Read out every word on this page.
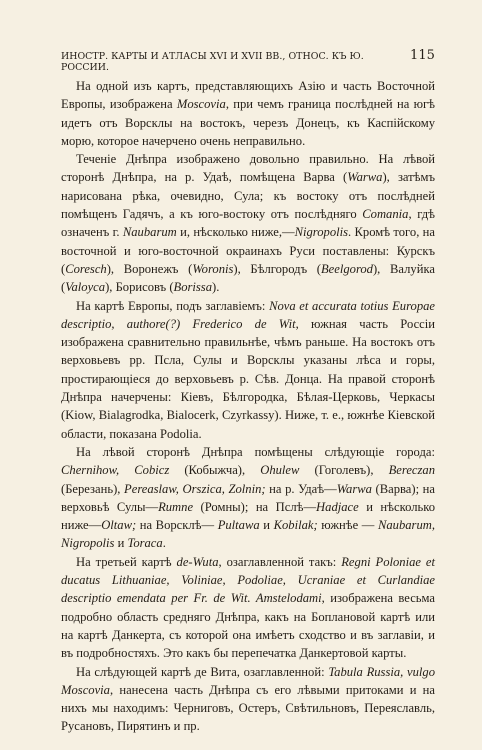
ИНОСТР. КАРТЫ И АТЛАСЫ XVI И XVII ВВ., ОТНОС. КЪ Ю. РОССИИ.
115

На одной изъ картъ, представляющихъ Азію и часть Восточной Европы, изображена Moscovia, при чемъ граница послѣдней на югѣ идетъ отъ Ворсклы на востокъ, черезъ Донецъ, къ Каспійскому морю, которое начерчено очень неправильно.

Теченіе Днѣпра изображено довольно правильно. На лѣвой сторонѣ Днѣпра, на р. Удаѣ, помѣщена Варва (Warwa), затѣмъ нарисована рѣка, очевидно, Сула; къ востоку отъ послѣдней помѣщенъ Гадячъ, а къ юго-востоку отъ послѣдняго Comania, гдѣ означенъ г. Naubarum и, нѣсколько ниже,—Nigropolis. Кромѣ того, на восточной и юго-восточной окраинахъ Руси поставлены: Курскъ (Coresch), Воронежъ (Woronis), Бѣлгородъ (Beelgorod), Валуйка (Valoyca), Борисовъ (Borissa).

На картѣ Европы, подъ заглавіемъ: Nova et accurata totius Europae descriptio, authore(?) Frederico de Wit, южная часть Россіи изображена сравнительно правильнѣе, чѣмъ раньше. На востокъ отъ верховьевъ рр. Псла, Сулы и Ворсклы указаны лѣса и горы, простирающіеся до верховьевъ р. Сѣв. Донца. На правой сторонѣ Днѣпра начерчены: Кіевъ, Бѣлгородка, Бѣлая-Церковь, Черкасы (Kiow, Bialagrodka, Bialocerk, Czyrkassy). Ниже, т. е., южнѣе Кіевской области, показана Podolia.

На лѣвой сторонѣ Днѣпра помѣщены слѣдующіе города: Chernihow, Cobicz (Кобыжча), Ohulew (Гоголевъ), Bereczan (Березань), Pereaslaw, Orszica, Zolnin; на р. Удаѣ—Warwa (Варва); на верховьѣ Сулы—Rumne (Ромны); на Пслѣ—Hadjace и нѣсколько ниже—Oltaw; на Ворсклѣ— Pultawa и Kobilak; южнѣе — Naubarum, Nigropolis и Toraca.

На третьей картѣ de-Wuta, озаглавленной такъ: Regni Poloniae et ducatus Lithuaniae, Voliniae, Podoliae, Ucraniae et Curlandiae descriptio emendata per Fr. de Wit. Amstelodami, изображена весьма подробно область средняго Днѣпра, какъ на Боплановой картѣ или на картѣ Данкерта, съ которой она имѣетъ сходство и въ заглавіи, и въ подробностяхъ. Это какъ бы перепечатка Данкертовой карты.

На слѣдующей картѣ де Вита, озаглавленной: Tabula Russia, vulgo Moscovia, нанесена часть Днѣпра съ его лѣвыми притоками и на нихъ мы находимъ: Черниговъ, Остеръ, Свѣтильновъ, Переяславль, Русановъ, Пирятинъ и пр.
